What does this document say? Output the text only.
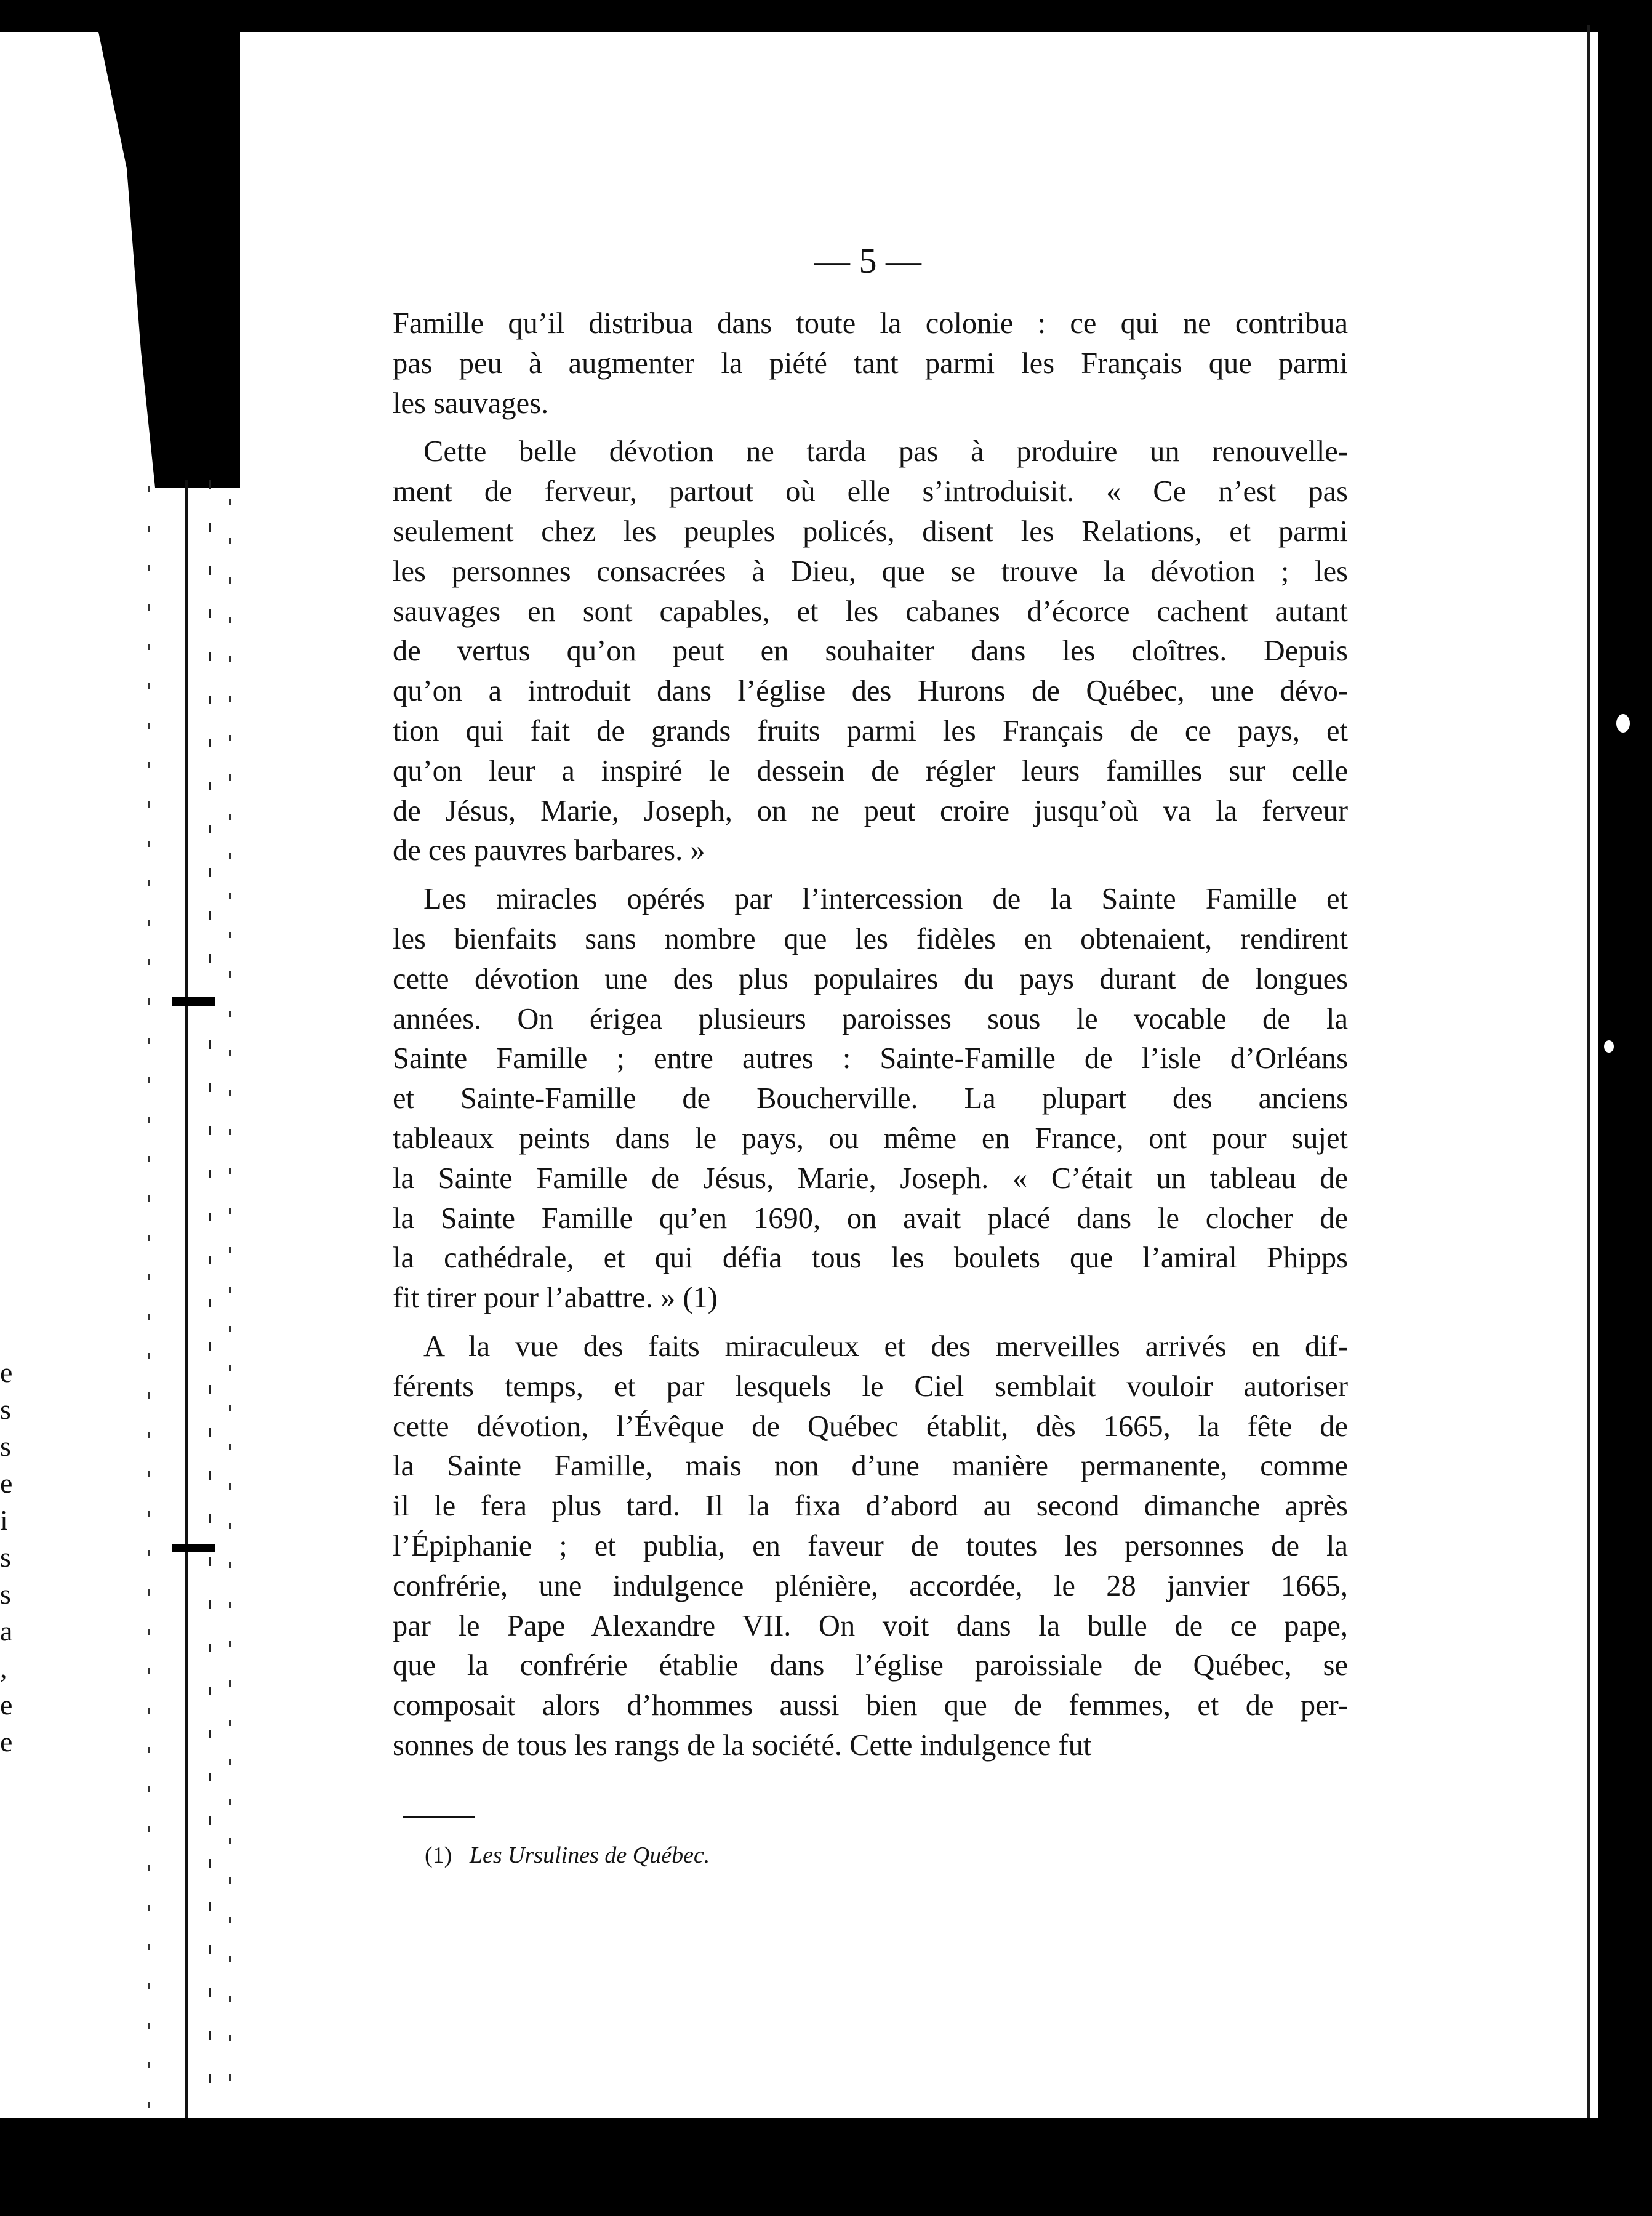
e
s
s
e
i
s
s
a
,
e
e
— 5 —
Famille qu’il distribua dans toute la colonie : ce qui ne contribua
pas peu à augmenter la piété tant parmi les Français que parmi
les sauvages.
Cette belle dévotion ne tarda pas à produire un renouvelle-
ment de ferveur, partout où elle s’introduisit. « Ce n’est pas
seulement chez les peuples policés, disent les Relations, et parmi
les personnes consacrées à Dieu, que se trouve la dévotion ; les
sauvages en sont capables, et les cabanes d’écorce cachent autant
de vertus qu’on peut en souhaiter dans les cloîtres. Depuis
qu’on a introduit dans l’église des Hurons de Québec, une dévo-
tion qui fait de grands fruits parmi les Français de ce pays, et
qu’on leur a inspiré le dessein de régler leurs familles sur celle
de Jésus, Marie, Joseph, on ne peut croire jusqu’où va la ferveur
de ces pauvres barbares. »
Les miracles opérés par l’intercession de la Sainte Famille et
les bienfaits sans nombre que les fidèles en obtenaient, rendirent
cette dévotion une des plus populaires du pays durant de longues
années. On érigea plusieurs paroisses sous le vocable de la
Sainte Famille ; entre autres : Sainte-Famille de l’isle d’Orléans
et Sainte-Famille de Boucherville. La plupart des anciens
tableaux peints dans le pays, ou même en France, ont pour sujet
la Sainte Famille de Jésus, Marie, Joseph. « C’était un tableau de
la Sainte Famille qu’en 1690, on avait placé dans le clocher de
la cathédrale, et qui défia tous les boulets que l’amiral Phipps
fit tirer pour l’abattre. » (1)
A la vue des faits miraculeux et des merveilles arrivés en dif-
férents temps, et par lesquels le Ciel semblait vouloir autoriser
cette dévotion, l’Évêque de Québec établit, dès 1665, la fête de
la Sainte Famille, mais non d’une manière permanente, comme
il le fera plus tard. Il la fixa d’abord au second dimanche après
l’Épiphanie ; et publia, en faveur de toutes les personnes de la
confrérie, une indulgence plénière, accordée, le 28 janvier 1665,
par le Pape Alexandre VII. On voit dans la bulle de ce pape,
que la confrérie établie dans l’église paroissiale de Québec, se
composait alors d’hommes aussi bien que de femmes, et de per-
sonnes de tous les rangs de la société. Cette indulgence fut
(1) Les Ursulines de Québec.
